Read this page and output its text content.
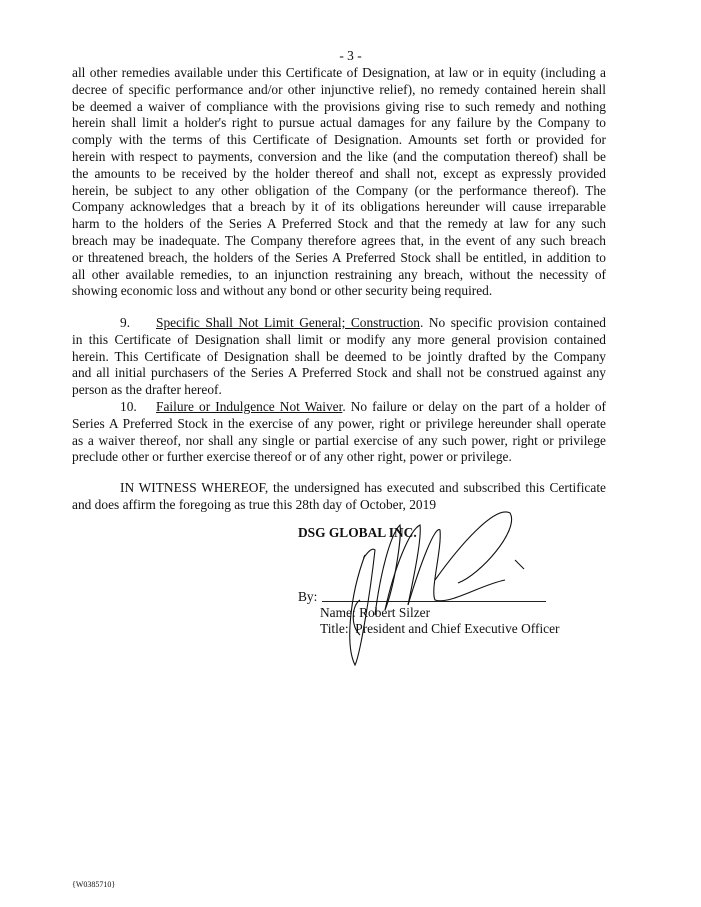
- 3 -
all other remedies available under this Certificate of Designation, at law or in equity (including a
decree of specific performance and/or other injunctive relief), no remedy contained herein shall
be deemed a waiver of compliance with the provisions giving rise to such remedy and nothing
herein shall limit a holder's right to pursue actual damages for any failure by the Company to
comply with the terms of this Certificate of Designation. Amounts set forth or provided for
herein with respect to payments, conversion and the like (and the computation thereof) shall be
the amounts to be received by the holder thereof and shall not, except as expressly provided
herein, be subject to any other obligation of the Company (or the performance thereof). The
Company acknowledges that a breach by it of its obligations hereunder will cause irreparable
harm to the holders of the Series A Preferred Stock and that the remedy at law for any such
breach may be inadequate. The Company therefore agrees that, in the event of any such breach
or threatened breach, the holders of the Series A Preferred Stock shall be entitled, in addition to
all other available remedies, to an injunction restraining any breach, without the necessity of
showing economic loss and without any bond or other security being required.
9. Specific Shall Not Limit General; Construction. No specific provision contained
in this Certificate of Designation shall limit or modify any more general provision contained
herein. This Certificate of Designation shall be deemed to be jointly drafted by the Company
and all initial purchasers of the Series A Preferred Stock and shall not be construed against any
person as the drafter hereof.
10. Failure or Indulgence Not Waiver. No failure or delay on the part of a holder of
Series A Preferred Stock in the exercise of any power, right or privilege hereunder shall operate
as a waiver thereof, nor shall any single or partial exercise of any such power, right or privilege
preclude other or further exercise thereof or of any other right, power or privilege.
IN WITNESS WHEREOF, the undersigned has executed and subscribed this Certificate
and does affirm the foregoing as true this 28th day of October, 2019
DSG GLOBAL INC.
By:
Name: Robert Silzer
Title: President and Chief Executive Officer
{W0385710}
